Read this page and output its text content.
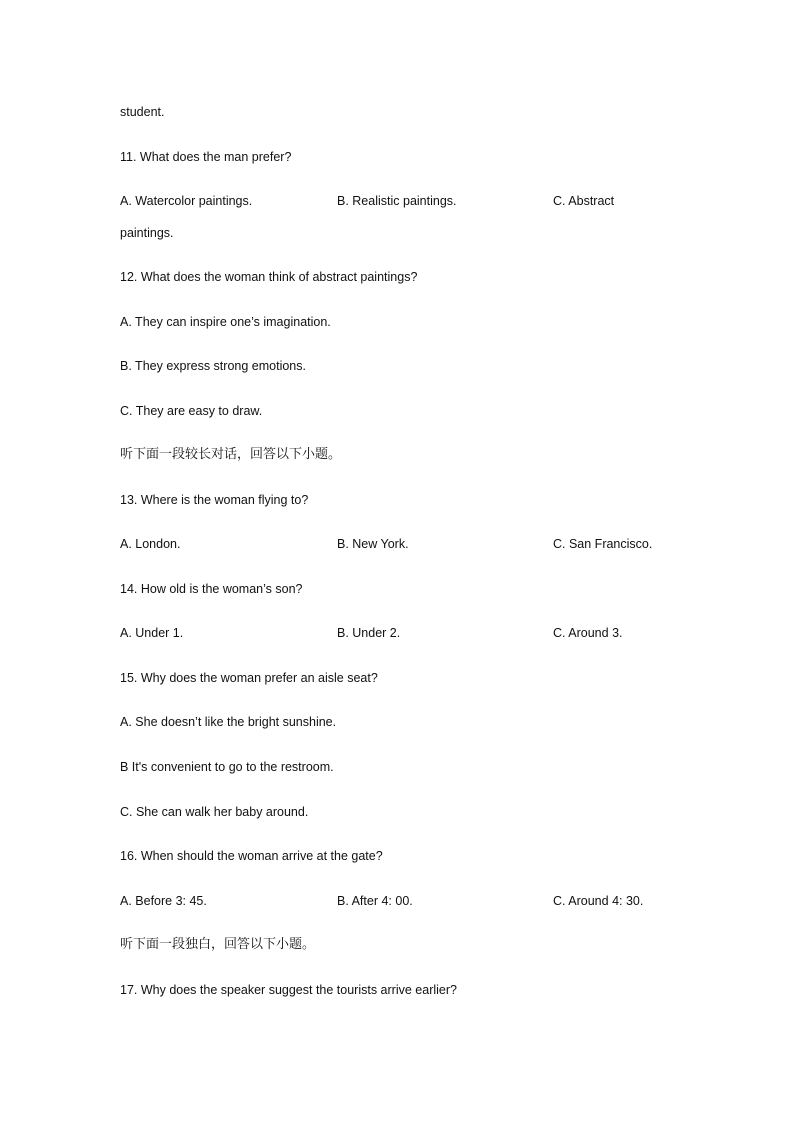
student.
11. What does the man prefer?
A. Watercolor paintings.	B. Realistic paintings.	C. Abstract
paintings.
12. What does the woman think of abstract paintings?
A. They can inspire one’s imagination.
B. They express strong emotions.
C. They are easy to draw.
听下面一段较长对话，回答以下小题。
13. Where is the woman flying to?
A. London.	B. New York.	C. San Francisco.
14. How old is the woman’s son?
A. Under 1.	B. Under 2.	C. Around 3.
15. Why does the woman prefer an aisle seat?
A. She doesn’t like the bright sunshine.
B It's convenient to go to the restroom.
C. She can walk her baby around.
16. When should the woman arrive at the gate?
A. Before 3: 45.	B. After 4: 00.	C. Around 4: 30.
听下面一段独白，回答以下小题。
17. Why does the speaker suggest the tourists arrive earlier?
